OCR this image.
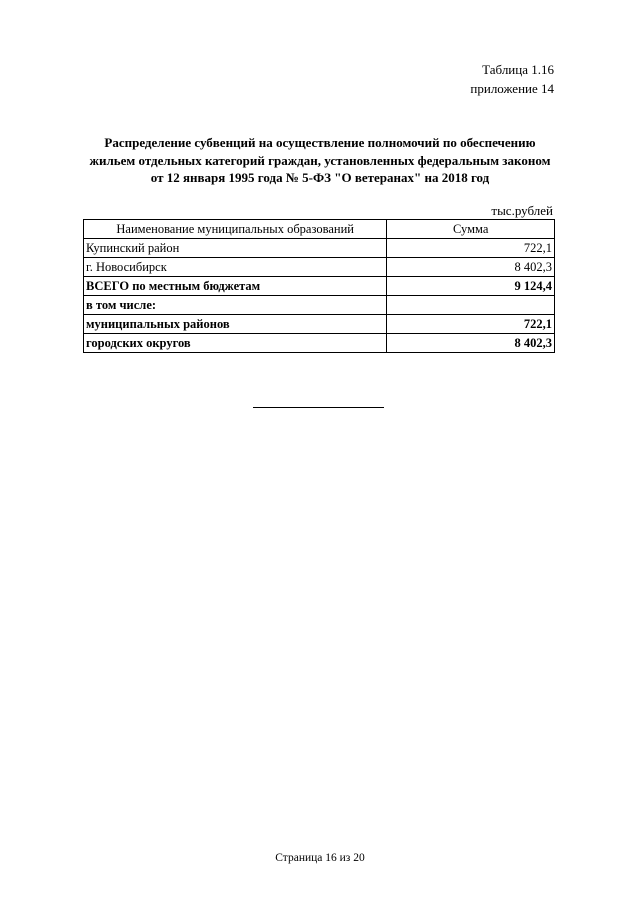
Таблица 1.16
приложение 14
Распределение субвенций на осуществление полномочий по обеспечению
жильем отдельных категорий граждан, установленных федеральным законом
от 12 января 1995 года № 5-ФЗ "О ветеранах" на 2018 год
тыс.рублей
Наименование муниципальных образований	Сумма
Купинский район	722,1
г. Новосибирск	8 402,3
ВСЕГО по местным бюджетам	9 124,4
в том числе:	
муниципальных районов	722,1
городских округов	8 402,3
Страница 16 из 20
